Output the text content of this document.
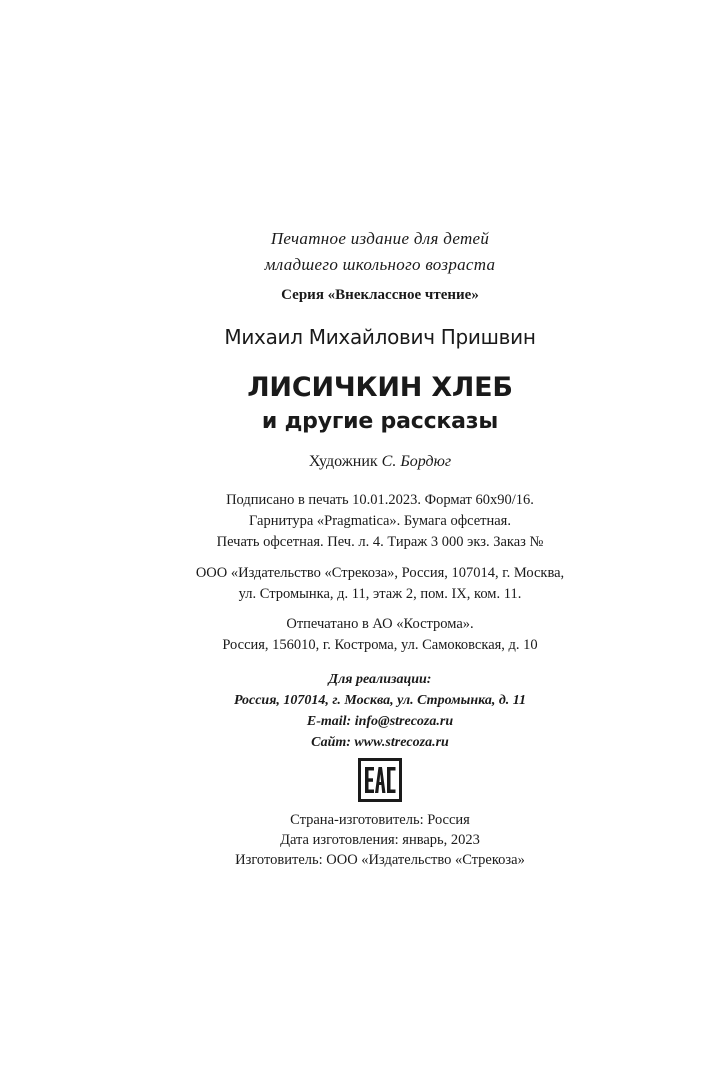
Печатное издание для детей
младшего школьного возраста
Серия «Внеклассное чтение»
Михаил Михайлович Пришвин
ЛИСИЧКИН ХЛЕБ
и другие рассказы
Художник С. Бордюг
Подписано в печать 10.01.2023. Формат 60х90/16.
Гарнитура «Pragmatica». Бумага офсетная.
Печать офсетная. Печ. л. 4. Тираж 3 000 экз. Заказ №
ООО «Издательство «Стрекоза», Россия, 107014, г. Москва,
ул. Стромынка, д. 11, этаж 2, пом. IX, ком. 11.
Отпечатано в АО «Кострома».
Россия, 156010, г. Кострома, ул. Самоковская, д. 10
Для реализации:
Россия, 107014, г. Москва, ул. Стромынка, д. 11
E-mail: info@strecoza.ru
Сайт: www.strecoza.ru
Страна-изготовитель: Россия
Дата изготовления: январь, 2023
Изготовитель: ООО «Издательство «Стрекоза»
